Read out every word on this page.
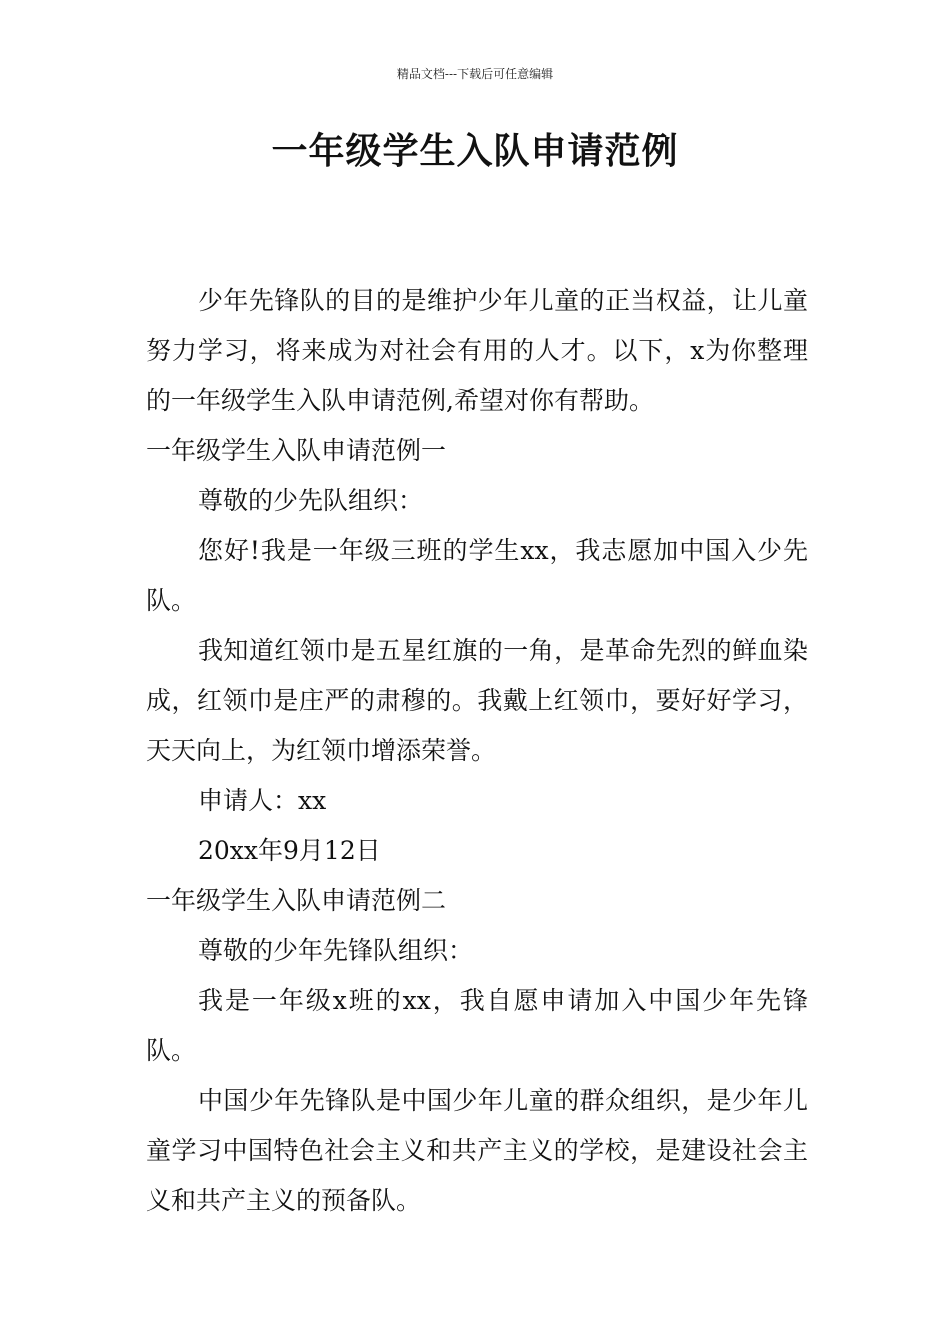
精品文档---下载后可任意编辑
一年级学生入队申请范例

少年先锋队的目的是维护少年儿童的正当权益，让儿童努力学习，将来成为对社会有用的人才。以下，x为你整理的一年级学生入队申请范例,希望对你有帮助。

一年级学生入队申请范例一

尊敬的少先队组织：

您好!我是一年级三班的学生xx，我志愿加中国入少先队。

我知道红领巾是五星红旗的一角，是革命先烈的鲜血染成，红领巾是庄严的肃穆的。我戴上红领巾，要好好学习，天天向上，为红领巾增添荣誉。

申请人：xx

20xx年9月12日

一年级学生入队申请范例二

尊敬的少年先锋队组织：

我是一年级x班的xx，我自愿申请加入中国少年先锋队。

中国少年先锋队是中国少年儿童的群众组织，是少年儿童学习中国特色社会主义和共产主义的学校，是建设社会主义和共产主义的预备队。
